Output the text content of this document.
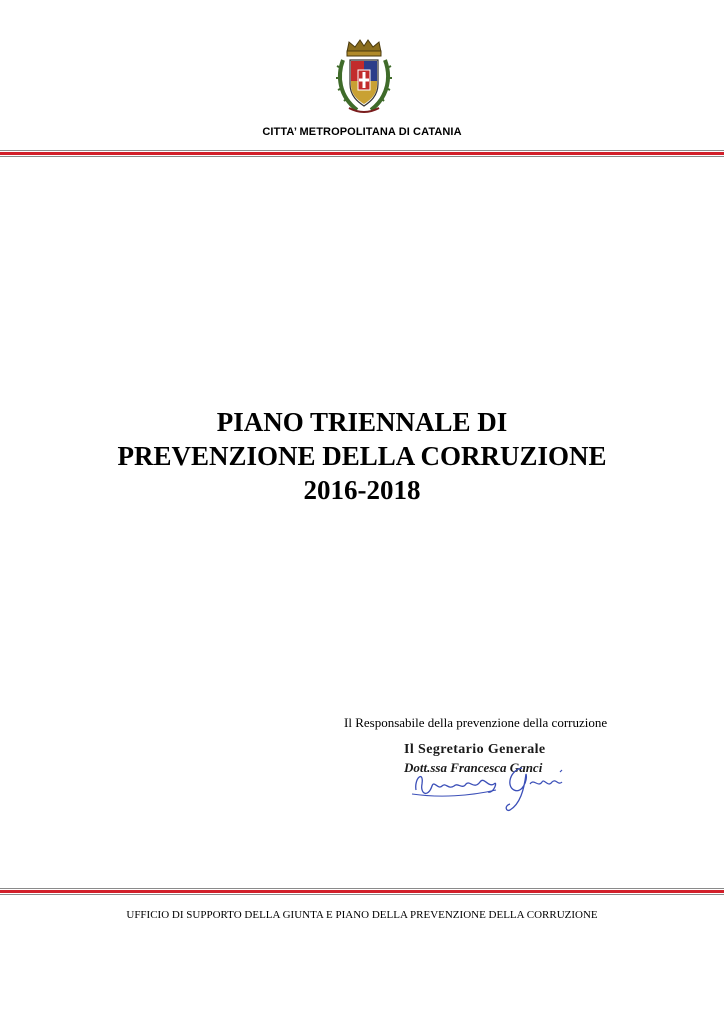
CITTA’ METROPOLITANA DI CATANIA
PIANO TRIENNALE DI
PREVENZIONE DELLA CORRUZIONE
2016-2018
Il Responsabile della prevenzione della corruzione
Il Segretario Generale
Dott.ssa Francesca Ganci
UFFICIO DI SUPPORTO DELLA GIUNTA E PIANO DELLA PREVENZIONE DELLA CORRUZIONE
